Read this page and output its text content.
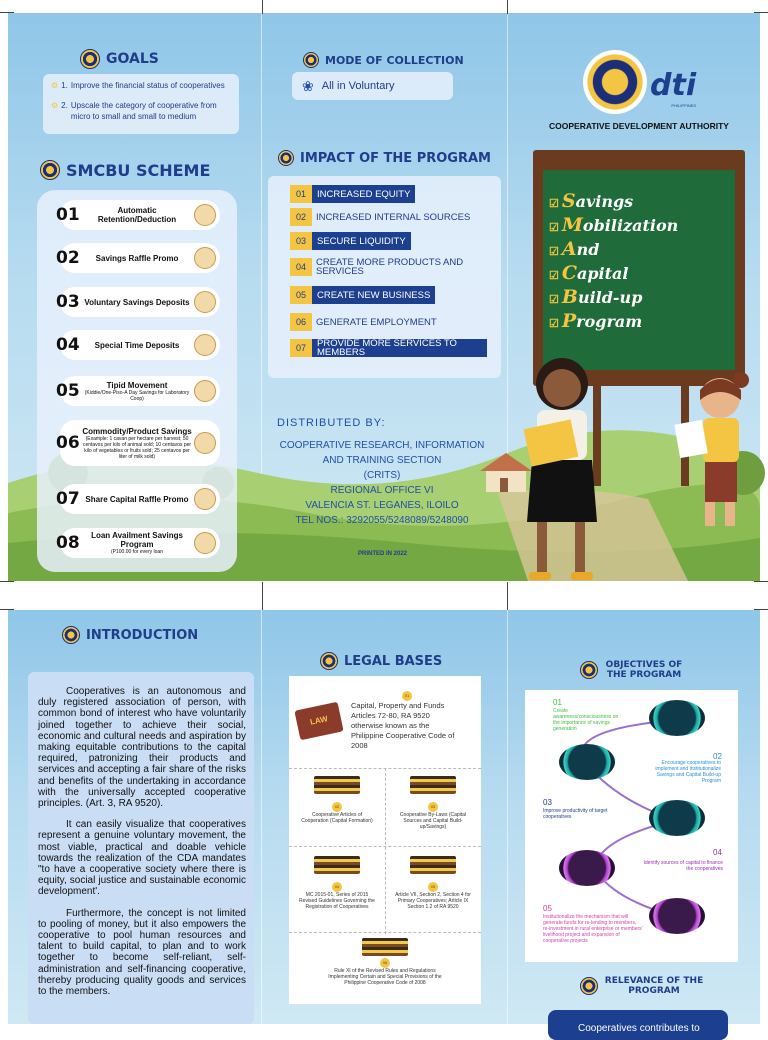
GOALS
⚙ 1. Improve the financial status of cooperatives
⚙ 2. Upscale the category of cooperative from micro to small and small to medium
SMCBU SCHEME
01	Automatic Retention/Deduction
02	Savings Raffle Promo
03 Voluntary Savings Deposits
04	Special Time Deposits
05	Tipid Movement
(Kiddie/One-Piso-A Day Savings for Laboratory Coop)
06
Commodity/Product Savings
(Example: 1 cavan per hectare per harvest; 50 centavos per kilo of animal sold; 10 centavos per kilo of vegetables or fruits sold; 25 centavos per liter of milk sold)
07 Share Capital Raffle Promo
08	Loan Availment Savings Program
(P100.00 for every loan
MODE OF COLLECTION
❀ All in Voluntary
IMPACT OF THE PROGRAM
01	INCREASED EQUITY
02	INCREASED INTERNAL SOURCES
03	SECURE LIQUIDITY
04	CREATE MORE PRODUCTS AND SERVICES
05	CREATE NEW BUSINESS
06	GENERATE EMPLOYMENT
07	PROVIDE MORE SERVICES TO MEMBERS
DISTRIBUTED BY:
COOPERATIVE RESEARCH, INFORMATION
AND TRAINING SECTION
(CRITS)
REGIONAL OFFICE VI
VALENCIA ST. LEGANES, ILOILO
TEL NOS.: 3292055/5248089/5248090
PRINTED IN 2022
dti
PHILIPPINES
COOPERATIVE DEVELOPMENT AUTHORITY
☑ Savings
☑ Mobilization
☑ And
☑ Capital
☑ Build-up
☑ Program
INTRODUCTION

Cooperatives is an autonomous and duly registered association of person, with common bond of interest who have voluntarily joined together to achieve their social, economic and cultural needs and aspiration by making equitable contributions to the capital required, patronizing their products and services and accepting a fair share of the risks and benefits of the undertaking in accordance with the universally accepted cooperative principles. (Art. 3, RA 9520).

It can easily visualize that cooperatives represent a genuine voluntary movement, the most viable, practical and doable vehicle towards the realization of the CDA mandates "to have a cooperative society where there is equity, social justice and sustainable economic development'.

Furthermore, the concept is not limited to pooling of money, but it also empowers the cooperative to pool human resources and talent to build capital, to plan and to work together to become self-reliant, self-administration and self-financing cooperative, thereby producing quality goods and services to the members.

LEGAL BASES
LAW
01
Capital, Property and Funds Articles 72-80, RA 9520 otherwise known as the Philippine Cooperative Code of 2008

02
Cooperative Articles of Cooperation (Capital Formation)

03
Cooperative By-Laws (Capital Sources and Capital Build-up/Savings)

04
MC 2015-01, Series of 2015 Revised Guidelines Governing the Registration of Cooperatives

05
Article VII, Section 2, Section 4 for Primary Cooperatives; Article IX Section 1.2 of RA 9520

06
Rule XI of the Revised Rules and Regulations Implementing Certain and Special Provisions of the Philippine Cooperative Code of 2008
OBJECTIVES OF THE PROGRAM
01
Create awareness/consciousness on the importance of savings generation
02
Encourage cooperatives to implement and institutionalize Savings and Capital Build-up Program
03
Improve productivity of target cooperatives
04
Identify sources of capital to finance the cooperatives
05
Institutionalize the mechanism that will generate funds for re-lending to members, re-investment in rural enterprise or members' livelihood project and expansion of cooperative projects
RELEVANCE OF THE PROGRAM
Cooperatives contributes to
